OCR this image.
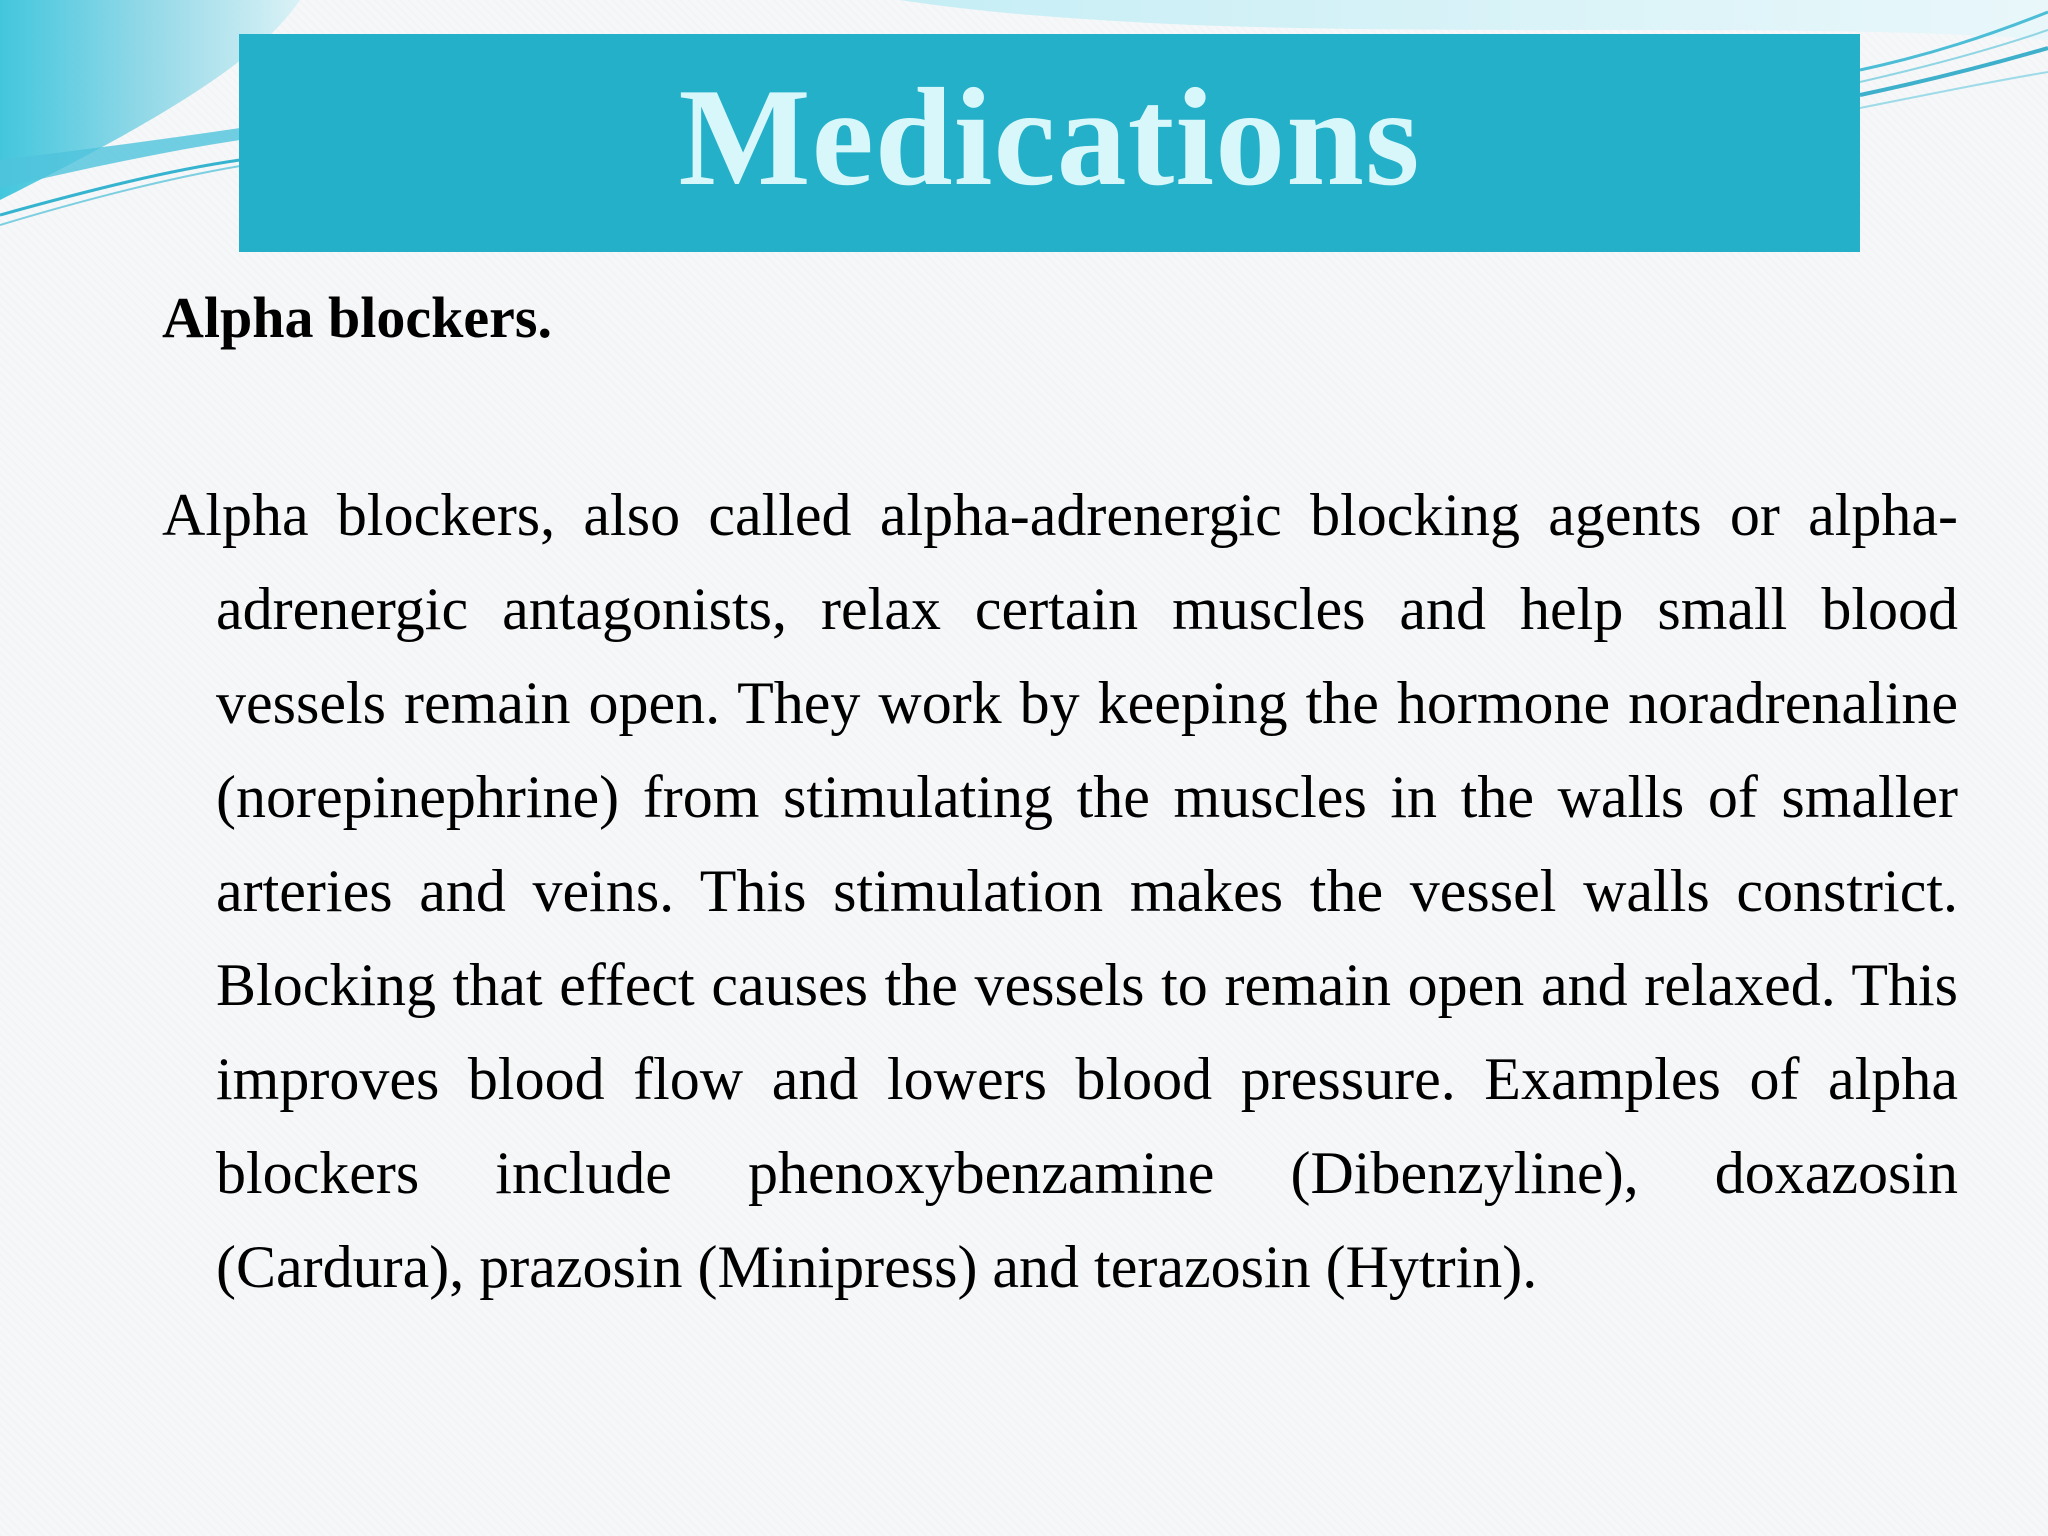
Medications
Alpha blockers.

Alpha blockers, also called alpha-adrenergic blocking agents or alpha-adrenergic antagonists, relax certain muscles and help small blood vessels remain open. They work by keeping the hormone noradrenaline (norepinephrine) from stimulating the muscles in the walls of smaller arteries and veins. This stimulation makes the vessel walls constrict. Blocking that effect causes the vessels to remain open and relaxed. This improves blood flow and lowers blood pressure. Examples of alpha blockers include phenoxybenzamine (Dibenzyline), doxazosin (Cardura), prazosin (Minipress) and terazosin (Hytrin).
